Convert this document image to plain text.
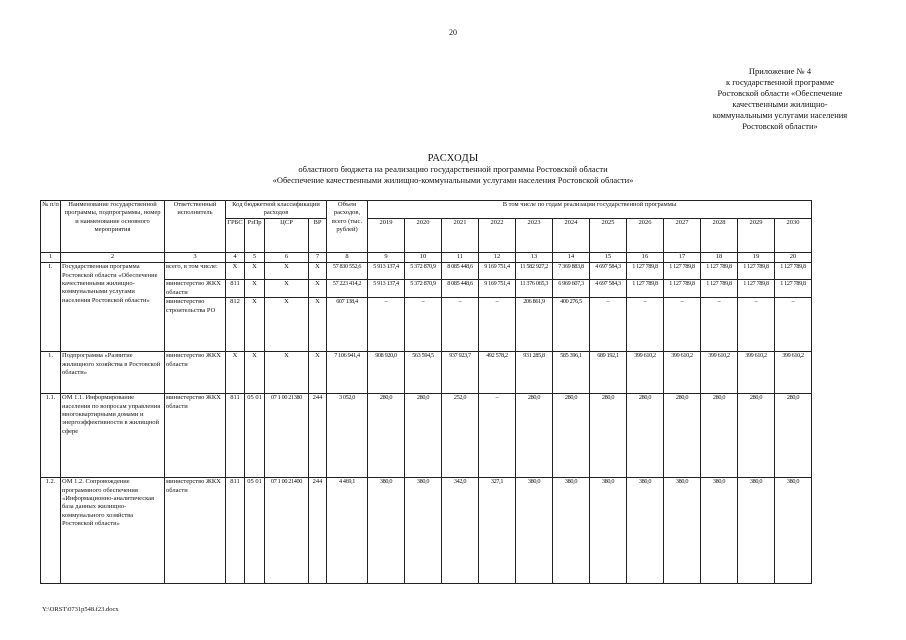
20
Приложение № 4
к государственной программе
Ростовской области «Обеспечение
качественными жилищно-
коммунальными услугами населения
Ростовской области»
РАСХОДЫ
областного бюджета на реализацию государственной программы Ростовской области
«Обеспечение качественными жилищно-коммунальными услугами населения Ростовской области»
№ п/п	Наименование государственной программы, подпрограммы, номер и наименование основного мероприятия	Ответственный исполнитель	Код бюджетной классификации расходов				Объем расходов,	В том числе по годам реализации государственной программы											
			ГРБС	РзПр	ЦСР	ВР	всего (тыс. рублей)	2019	2020	2021	2022	2023	2024	2025	2026	2027	2028	2029	2030

1	2	3	4	5	6	7	8	9	10	11	12	13	14	15	16	17	18	19	20
I.	Государственная программа Ростовской области «Обеспечение качественными жилищно-коммунальными услугами населения Ростовской области»	всего, в том числе:	X	X	X	X	57 830 552,6	5 913 137,4	5 372 870,9	8 085 448,6	9 169 751,4	11 582 927,2	7 369 883,8	4 697 584,3	1 127 789,8	1 127 789,8	1 127 789,8	1 127 789,8	1 127 789,8
		министерство ЖКХ области	811	X	X	X	57 223 414,2	5 913 137,4	5 372 870,9	8 085 448,6	9 169 751,4	11 376 065,3	6 969 607,3	4 697 584,3	1 127 789,8	1 127 789,8	1 127 789,8	1 127 789,8	1 127 789,8
		министерство строительства РО	812	X	X	X	607 138,4	–	–	–	–	206 861,9	400 276,5	–	–	–	–	–	–
1.	Подпрограмма «Развитие жилищного хозяйства в Ростовской области»	министерство ЖКХ области	X	X	X	X	7 106 941,4	908 920,0	563 594,5	937 923,7	492 578,2	931 285,8	585 396,1	689 192,1	399 610,2	399 610,2	399 610,2	399 610,2	399 610,2
1.1.	ОМ 1.1. Информирование населения по вопросам управления многоквартирными домами и энергоэффективности в жилищной сфере	министерство ЖКХ области	811	05 01	07 1 00 21380	244	3 052,0	280,0	280,0	252,0	–	280,0	280,0	280,0	280,0	280,0	280,0	280,0	280,0
1.2.	ОМ 1.2. Сопровождение программного обеспечения «Информационно-аналитическая база данных жилищно-коммунального хозяйства Ростовской области»	министерство ЖКХ области	811	05 01	07 1 00 21400	244	4 469,1	380,0	380,0	342,0	327,1	380,0	380,0	380,0	380,0	380,0	380,0	380,0	380,0
Y:\ORST\0731p548.f23.docx
